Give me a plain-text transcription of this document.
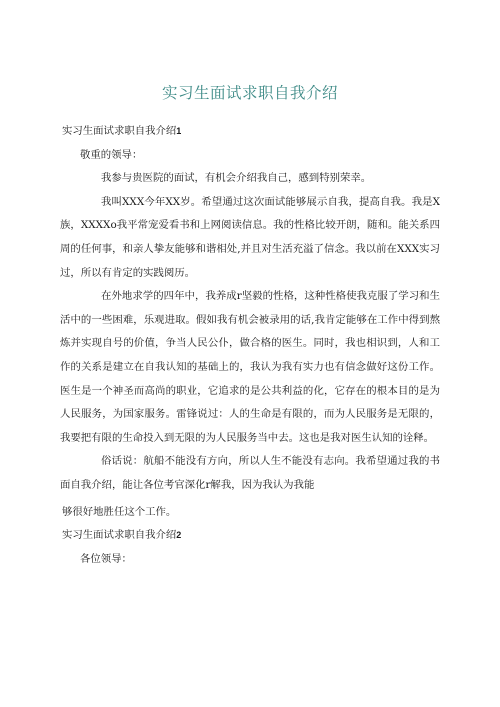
实习生面试求职自我介绍

实习生面试求职自我介绍1

敬重的领导：

我参与贵医院的面试，有机会介绍我自己，感到特别荣幸。

我叫XXX今年XX岁。希望通过这次面试能够展示自我，提高自我。我是X族，XXXXo我平常宠爱看书和上网阅读信息。我的性格比较开朗，随和。能关系四周的任何事，和亲人挚友能够和谐相处,并且对生活充溢了信念。我以前在XXX实习过，所以有肯定的实践阅历。

在外地求学的四年中，我养成r坚毅的性格，这种性格使我克服了学习和生活中的一些困难，乐观进取。假如我有机会被录用的话,我肯定能够在工作中得到熬炼并实现自号的价值，争当人民公仆，做合格的医生。同时，我也相识到，人和工作的关系是建立在自我认知的基础上的，我认为我有实力也有信念做好这份工作。医生是一个神圣而高尚的职业，它追求的是公共利益的化，它存在的根本目的是为人民服务，为国家服务。雷锋说过：人的生命是有限的，而为人民服务是无限的，我要把有限的生命投入到无限的为人民服务当中去。这也是我对医生认知的诠释。

俗话说：航船不能没有方向，所以人生不能没有志向。我希望通过我的书面自我介绍，能让各位考官深化r解我，因为我认为我能

够很好地胜任这个工作。

实习生面试求职自我介绍2

各位领导：
